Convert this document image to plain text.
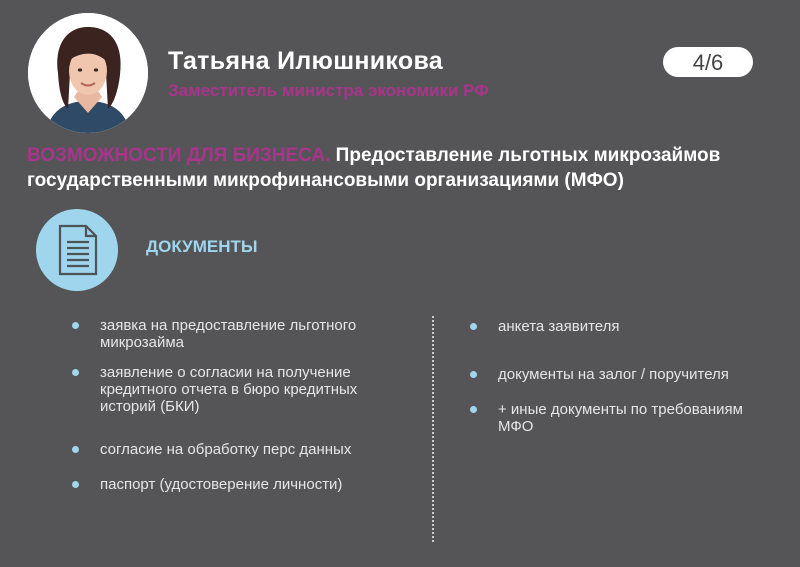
Татьяна Илюшникова
Заместитель министра экономики РФ
4/6
ВОЗМОЖНОСТИ ДЛЯ БИЗНЕСА. Предоставление льготных микрозаймов государственными микрофинансовыми организациями (МФО)
ДОКУМЕНТЫ
заявка на предоставление льготного микрозайма
заявление о согласии на получение кредитного отчета в бюро кредитных историй (БКИ)
согласие на обработку перс данных
паспорт (удостоверение личности)
анкета заявителя
документы на залог / поручителя
+ иные документы по требованиям МФО
